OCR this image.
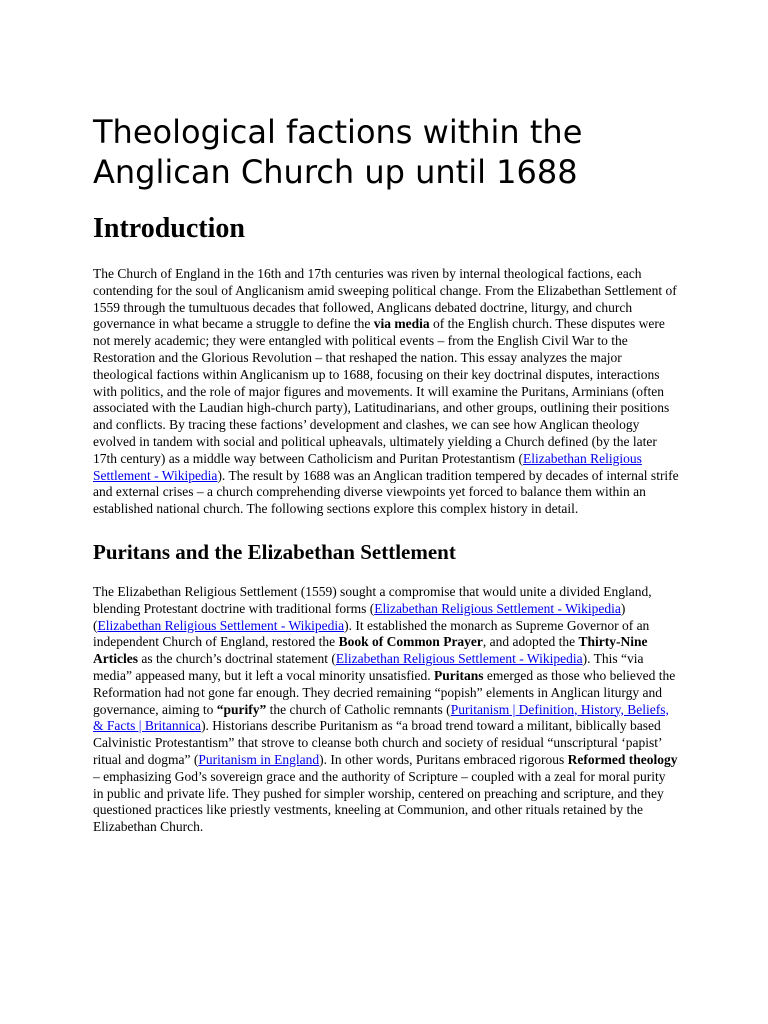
Theological factions within the Anglican Church up until 1688
Introduction

The Church of England in the 16th and 17th centuries was riven by internal theological factions, each contending for the soul of Anglicanism amid sweeping political change. From the Elizabethan Settlement of 1559 through the tumultuous decades that followed, Anglicans debated doctrine, liturgy, and church governance in what became a struggle to define the via media of the English church. These disputes were not merely academic; they were entangled with political events – from the English Civil War to the Restoration and the Glorious Revolution – that reshaped the nation. This essay analyzes the major theological factions within Anglicanism up to 1688, focusing on their key doctrinal disputes, interactions with politics, and the role of major figures and movements. It will examine the Puritans, Arminians (often associated with the Laudian high-church party), Latitudinarians, and other groups, outlining their positions and conflicts. By tracing these factions’ development and clashes, we can see how Anglican theology evolved in tandem with social and political upheavals, ultimately yielding a Church defined (by the later 17th century) as a middle way between Catholicism and Puritan Protestantism (Elizabethan Religious Settlement - Wikipedia). The result by 1688 was an Anglican tradition tempered by decades of internal strife and external crises – a church comprehending diverse viewpoints yet forced to balance them within an established national church. The following sections explore this complex history in detail.

Puritans and the Elizabethan Settlement

The Elizabethan Religious Settlement (1559) sought a compromise that would unite a divided England, blending Protestant doctrine with traditional forms (Elizabethan Religious Settlement - Wikipedia) (Elizabethan Religious Settlement - Wikipedia). It established the monarch as Supreme Governor of an independent Church of England, restored the Book of Common Prayer, and adopted the Thirty-Nine Articles as the church’s doctrinal statement (Elizabethan Religious Settlement - Wikipedia). This “via media” appeased many, but it left a vocal minority unsatisfied. Puritans emerged as those who believed the Reformation had not gone far enough. They decried remaining “popish” elements in Anglican liturgy and governance, aiming to “purify” the church of Catholic remnants (Puritanism | Definition, History, Beliefs, & Facts | Britannica). Historians describe Puritanism as “a broad trend toward a militant, biblically based Calvinistic Protestantism” that strove to cleanse both church and society of residual “unscriptural ‘papist’ ritual and dogma” (Puritanism in England). In other words, Puritans embraced rigorous Reformed theology – emphasizing God’s sovereign grace and the authority of Scripture – coupled with a zeal for moral purity in public and private life. They pushed for simpler worship, centered on preaching and scripture, and they questioned practices like priestly vestments, kneeling at Communion, and other rituals retained by the Elizabethan Church.
